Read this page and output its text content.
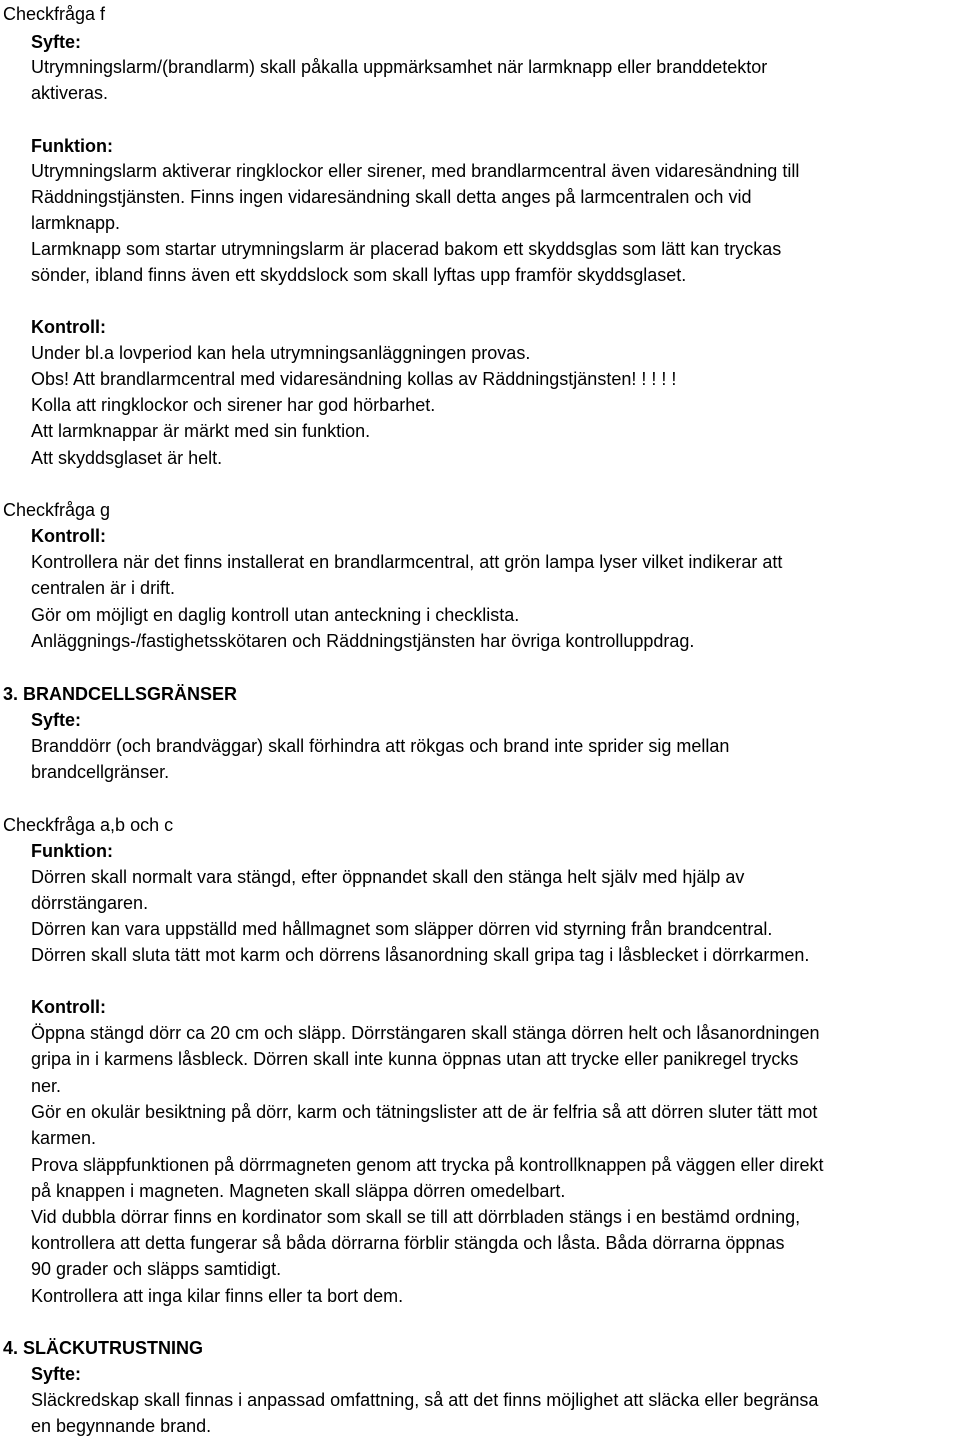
Checkfråga f
Syfte:
Utrymningslarm/(brandlarm) skall påkalla uppmärksamhet när larmknapp eller branddetektor
aktiveras.
Funktion:
Utrymningslarm aktiverar ringklockor eller sirener, med brandlarmcentral även vidaresändning till
Räddningstjänsten. Finns ingen vidaresändning skall detta anges på larmcentralen och vid
larmknapp.
Larmknapp som startar utrymningslarm är placerad bakom ett skyddsglas som lätt kan tryckas
sönder, ibland finns även ett skyddslock som skall lyftas upp framför skyddsglaset.
Kontroll:
Under bl.a lovperiod kan hela utrymningsanläggningen provas.
Obs! Att brandlarmcentral med vidaresändning kollas av Räddningstjänsten! ! ! ! !
Kolla att ringklockor och sirener har god hörbarhet.
Att larmknappar är märkt med sin funktion.
Att skyddsglaset är helt.
Checkfråga g
Kontroll:
Kontrollera när det finns installerat en brandlarmcentral, att grön lampa lyser vilket indikerar att
centralen är i drift.
Gör om möjligt en daglig kontroll utan anteckning i checklista.
Anläggnings-/fastighetsskötaren och Räddningstjänsten har övriga kontrolluppdrag.
3. BRANDCELLSGRÄNSER
Syfte:
Branddörr (och brandväggar) skall förhindra att rökgas och brand inte sprider sig mellan
brandcellgränser.
Checkfråga a,b och c
Funktion:
Dörren skall normalt vara stängd, efter öppnandet skall den stänga helt själv med hjälp av
dörrstängaren.
Dörren kan vara uppställd med hållmagnet som släpper dörren vid styrning från brandcentral.
Dörren skall sluta tätt mot karm och dörrens låsanordning skall gripa tag i låsblecket i dörrkarmen.
Kontroll:
Öppna stängd dörr ca 20 cm och släpp. Dörrstängaren skall stänga dörren helt och låsanordningen
gripa in i karmens låsbleck. Dörren skall inte kunna öppnas utan att trycke eller panikregel trycks
ner.
Gör en okulär besiktning på dörr, karm och tätningslister att de är felfria så att dörren sluter tätt mot
karmen.
Prova släppfunktionen på dörrmagneten genom att trycka på kontrollknappen på väggen eller direkt
på knappen i magneten. Magneten skall släppa dörren omedelbart.
Vid dubbla dörrar finns en kordinator som skall se till att dörrbladen stängs i en bestämd ordning,
kontrollera att detta fungerar så båda dörrarna förblir stängda och låsta. Båda dörrarna öppnas
90 grader och släpps samtidigt.
Kontrollera att inga kilar finns eller ta bort dem.
4. SLÄCKUTRUSTNING
Syfte:
Släckredskap skall finnas i anpassad omfattning, så att det finns möjlighet att släcka eller begränsa
en begynnande brand.
